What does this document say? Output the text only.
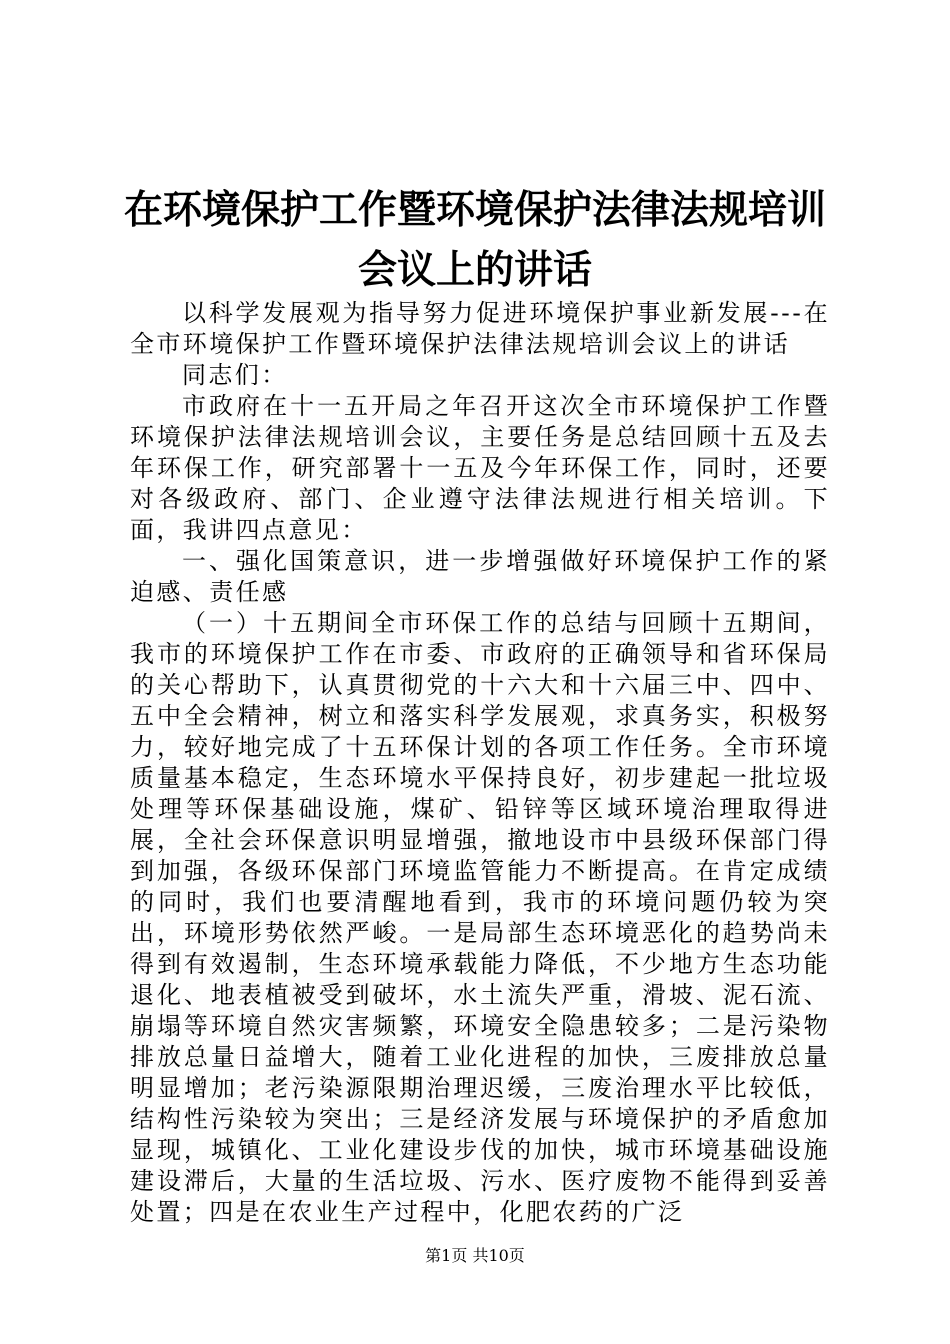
在环境保护工作暨环境保护法律法规培训会议上的讲话

以科学发展观为指导努力促进环境保护事业新发展---在全市环境保护工作暨环境保护法律法规培训会议上的讲话

同志们：

市政府在十一五开局之年召开这次全市环境保护工作暨环境保护法律法规培训会议，主要任务是总结回顾十五及去年环保工作，研究部署十一五及今年环保工作，同时，还要对各级政府、部门、企业遵守法律法规进行相关培训。下面，我讲四点意见：

一、强化国策意识，进一步增强做好环境保护工作的紧迫感、责任感

（一）十五期间全市环保工作的总结与回顾十五期间，我市的环境保护工作在市委、市政府的正确领导和省环保局的关心帮助下，认真贯彻党的十六大和十六届三中、四中、五中全会精神，树立和落实科学发展观，求真务实，积极努力，较好地完成了十五环保计划的各项工作任务。全市环境质量基本稳定，生态环境水平保持良好，初步建起一批垃圾处理等环保基础设施，煤矿、铅锌等区域环境治理取得进展，全社会环保意识明显增强，撤地设市中县级环保部门得到加强，各级环保部门环境监管能力不断提高。在肯定成绩的同时，我们也要清醒地看到，我市的环境问题仍较为突出，环境形势依然严峻。一是局部生态环境恶化的趋势尚未得到有效遏制，生态环境承载能力降低，不少地方生态功能退化、地表植被受到破坏，水土流失严重，滑坡、泥石流、崩塌等环境自然灾害频繁，环境安全隐患较多；二是污染物排放总量日益增大，随着工业化进程的加快，三废排放总量明显增加；老污染源限期治理迟缓，三废治理水平比较低，结构性污染较为突出；三是经济发展与环境保护的矛盾愈加显现，城镇化、工业化建设步伐的加快，城市环境基础设施建设滞后，大量的生活垃圾、污水、医疗废物不能得到妥善处置；四是在农业生产过程中，化肥农药的广泛

第1页 共10页
